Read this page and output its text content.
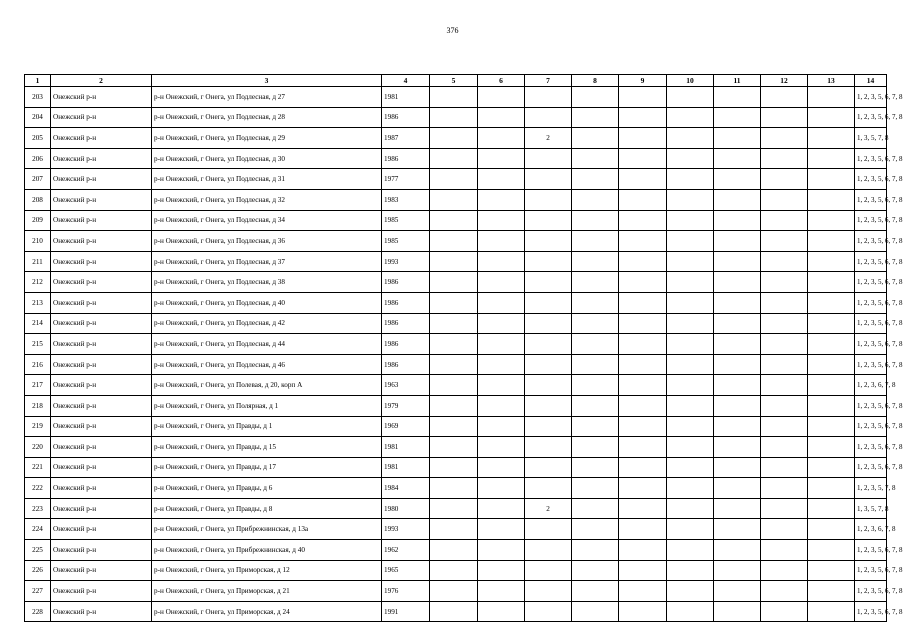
376
1	2	3	4	5	6	7	8	9	10	11	12	13	14
203	Онежский р-н	р-н Онежский, г Онега, ул Подлесная, д 27	1981										1, 2, 3, 5, 6, 7, 8
204	Онежский р-н	р-н Онежский, г Онега, ул Подлесная, д 28	1986										1, 2, 3, 5, 6, 7, 8
205	Онежский р-н	р-н Онежский, г Онега, ул Подлесная, д 29	1987			2							1, 3, 5, 7, 8
206	Онежский р-н	р-н Онежский, г Онега, ул Подлесная, д 30	1986										1, 2, 3, 5, 6, 7, 8
207	Онежский р-н	р-н Онежский, г Онега, ул Подлесная, д 31	1977										1, 2, 3, 5, 6, 7, 8
208	Онежский р-н	р-н Онежский, г Онега, ул Подлесная, д 32	1983										1, 2, 3, 5, 6, 7, 8
209	Онежский р-н	р-н Онежский, г Онега, ул Подлесная, д 34	1985										1, 2, 3, 5, 6, 7, 8
210	Онежский р-н	р-н Онежский, г Онега, ул Подлесная, д 36	1985										1, 2, 3, 5, 6, 7, 8
211	Онежский р-н	р-н Онежский, г Онега, ул Подлесная, д 37	1993										1, 2, 3, 5, 6, 7, 8
212	Онежский р-н	р-н Онежский, г Онега, ул Подлесная, д 38	1986										1, 2, 3, 5, 6, 7, 8
213	Онежский р-н	р-н Онежский, г Онега, ул Подлесная, д 40	1986										1, 2, 3, 5, 6, 7, 8
214	Онежский р-н	р-н Онежский, г Онега, ул Подлесная, д 42	1986										1, 2, 3, 5, 6, 7, 8
215	Онежский р-н	р-н Онежский, г Онега, ул Подлесная, д 44	1986										1, 2, 3, 5, 6, 7, 8
216	Онежский р-н	р-н Онежский, г Онега, ул Подлесная, д 46	1986										1, 2, 3, 5, 6, 7, 8
217	Онежский р-н	р-н Онежский, г Онега, ул Полевая, д 20, корп А	1963										1, 2, 3, 6, 7, 8
218	Онежский р-н	р-н Онежский, г Онега, ул Полярная, д 1	1979										1, 2, 3, 5, 6, 7, 8
219	Онежский р-н	р-н Онежский, г Онега, ул Правды, д 1	1969										1, 2, 3, 5, 6, 7, 8
220	Онежский р-н	р-н Онежский, г Онега, ул Правды, д 15	1981										1, 2, 3, 5, 6, 7, 8
221	Онежский р-н	р-н Онежский, г Онега, ул Правды, д 17	1981										1, 2, 3, 5, 6, 7, 8
222	Онежский р-н	р-н Онежский, г Онега, ул Правды, д 6	1984										1, 2, 3, 5, 7, 8
223	Онежский р-н	р-н Онежский, г Онега, ул Правды, д 8	1980			2							1, 3, 5, 7, 8
224	Онежский р-н	р-н Онежский, г Онега, ул Прибрежнинская, д 13а	1993										1, 2, 3, 6, 7, 8
225	Онежский р-н	р-н Онежский, г Онега, ул Прибрежнинская, д 40	1962										1, 2, 3, 5, 6, 7, 8
226	Онежский р-н	р-н Онежский, г Онега, ул Приморская, д 12	1965										1, 2, 3, 5, 6, 7, 8
227	Онежский р-н	р-н Онежский, г Онега, ул Приморская, д 21	1976										1, 2, 3, 5, 6, 7, 8
228	Онежский р-н	р-н Онежский, г Онега, ул Приморская, д 24	1991										1, 2, 3, 5, 6, 7, 8
